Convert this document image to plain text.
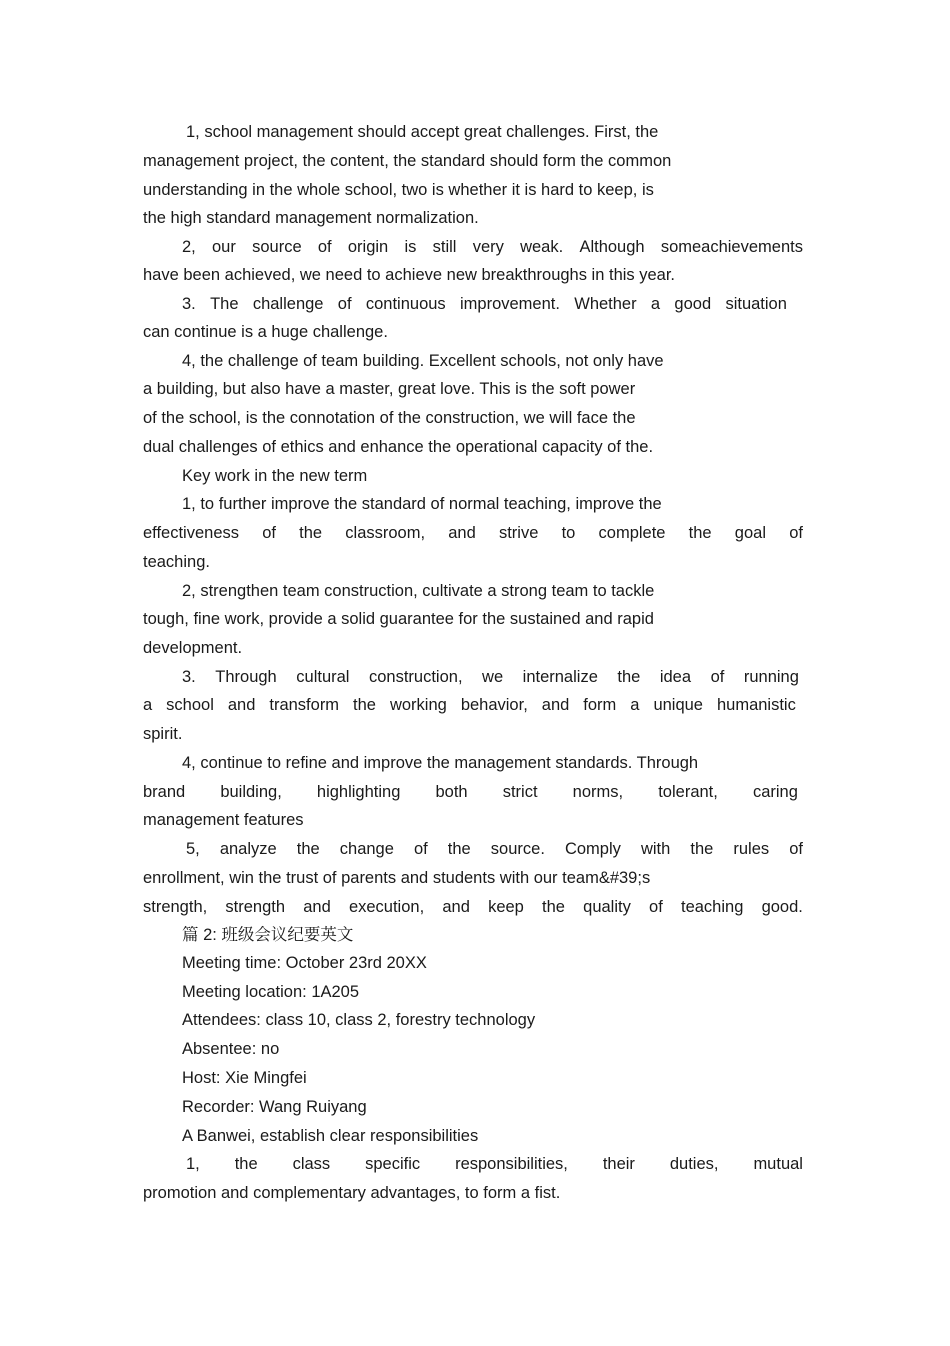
1, school management should accept great challenges. First, the
management project, the content, the standard should form the common
understanding in the whole school, two is whether it is hard to keep, is
the high standard management normalization.
2, our source of origin is still very weak. Although someachievements
have been achieved, we need to achieve new breakthroughs in this year.
3. The challenge of continuous improvement. Whether a good situation
can continue is a huge challenge.
4, the challenge of team building. Excellent schools, not only have
a building, but also have a master, great love. This is the soft power
of the school, is the connotation of the construction, we will face the
dual challenges of ethics and enhance the operational capacity of the.
Key work in the new term
1, to further improve the standard of normal teaching, improve the
effectiveness of the classroom, and strive to complete the goal of
teaching.
2, strengthen team construction, cultivate a strong team to tackle
tough, fine work, provide a solid guarantee for the sustained and rapid
development.
3. Through cultural construction, we internalize the idea of running
a school and transform the working behavior, and form a unique humanistic
spirit.
4, continue to refine and improve the management standards. Through
brand building, highlighting both strict norms, tolerant, caring
management features
5, analyze the change of the source. Comply with the rules of
enrollment, win the trust of parents and students with our team&#39;s
strength, strength and execution, and keep the quality of teaching good.
篇 2: 班级会议纪要英文
Meeting time: October 23rd 20XX
Meeting location: 1A205
Attendees: class 10, class 2, forestry technology
Absentee: no
Host: Xie Mingfei
Recorder: Wang Ruiyang
A Banwei, establish clear responsibilities
1, the class specific responsibilities, their duties, mutual
promotion and complementary advantages, to form a fist.
